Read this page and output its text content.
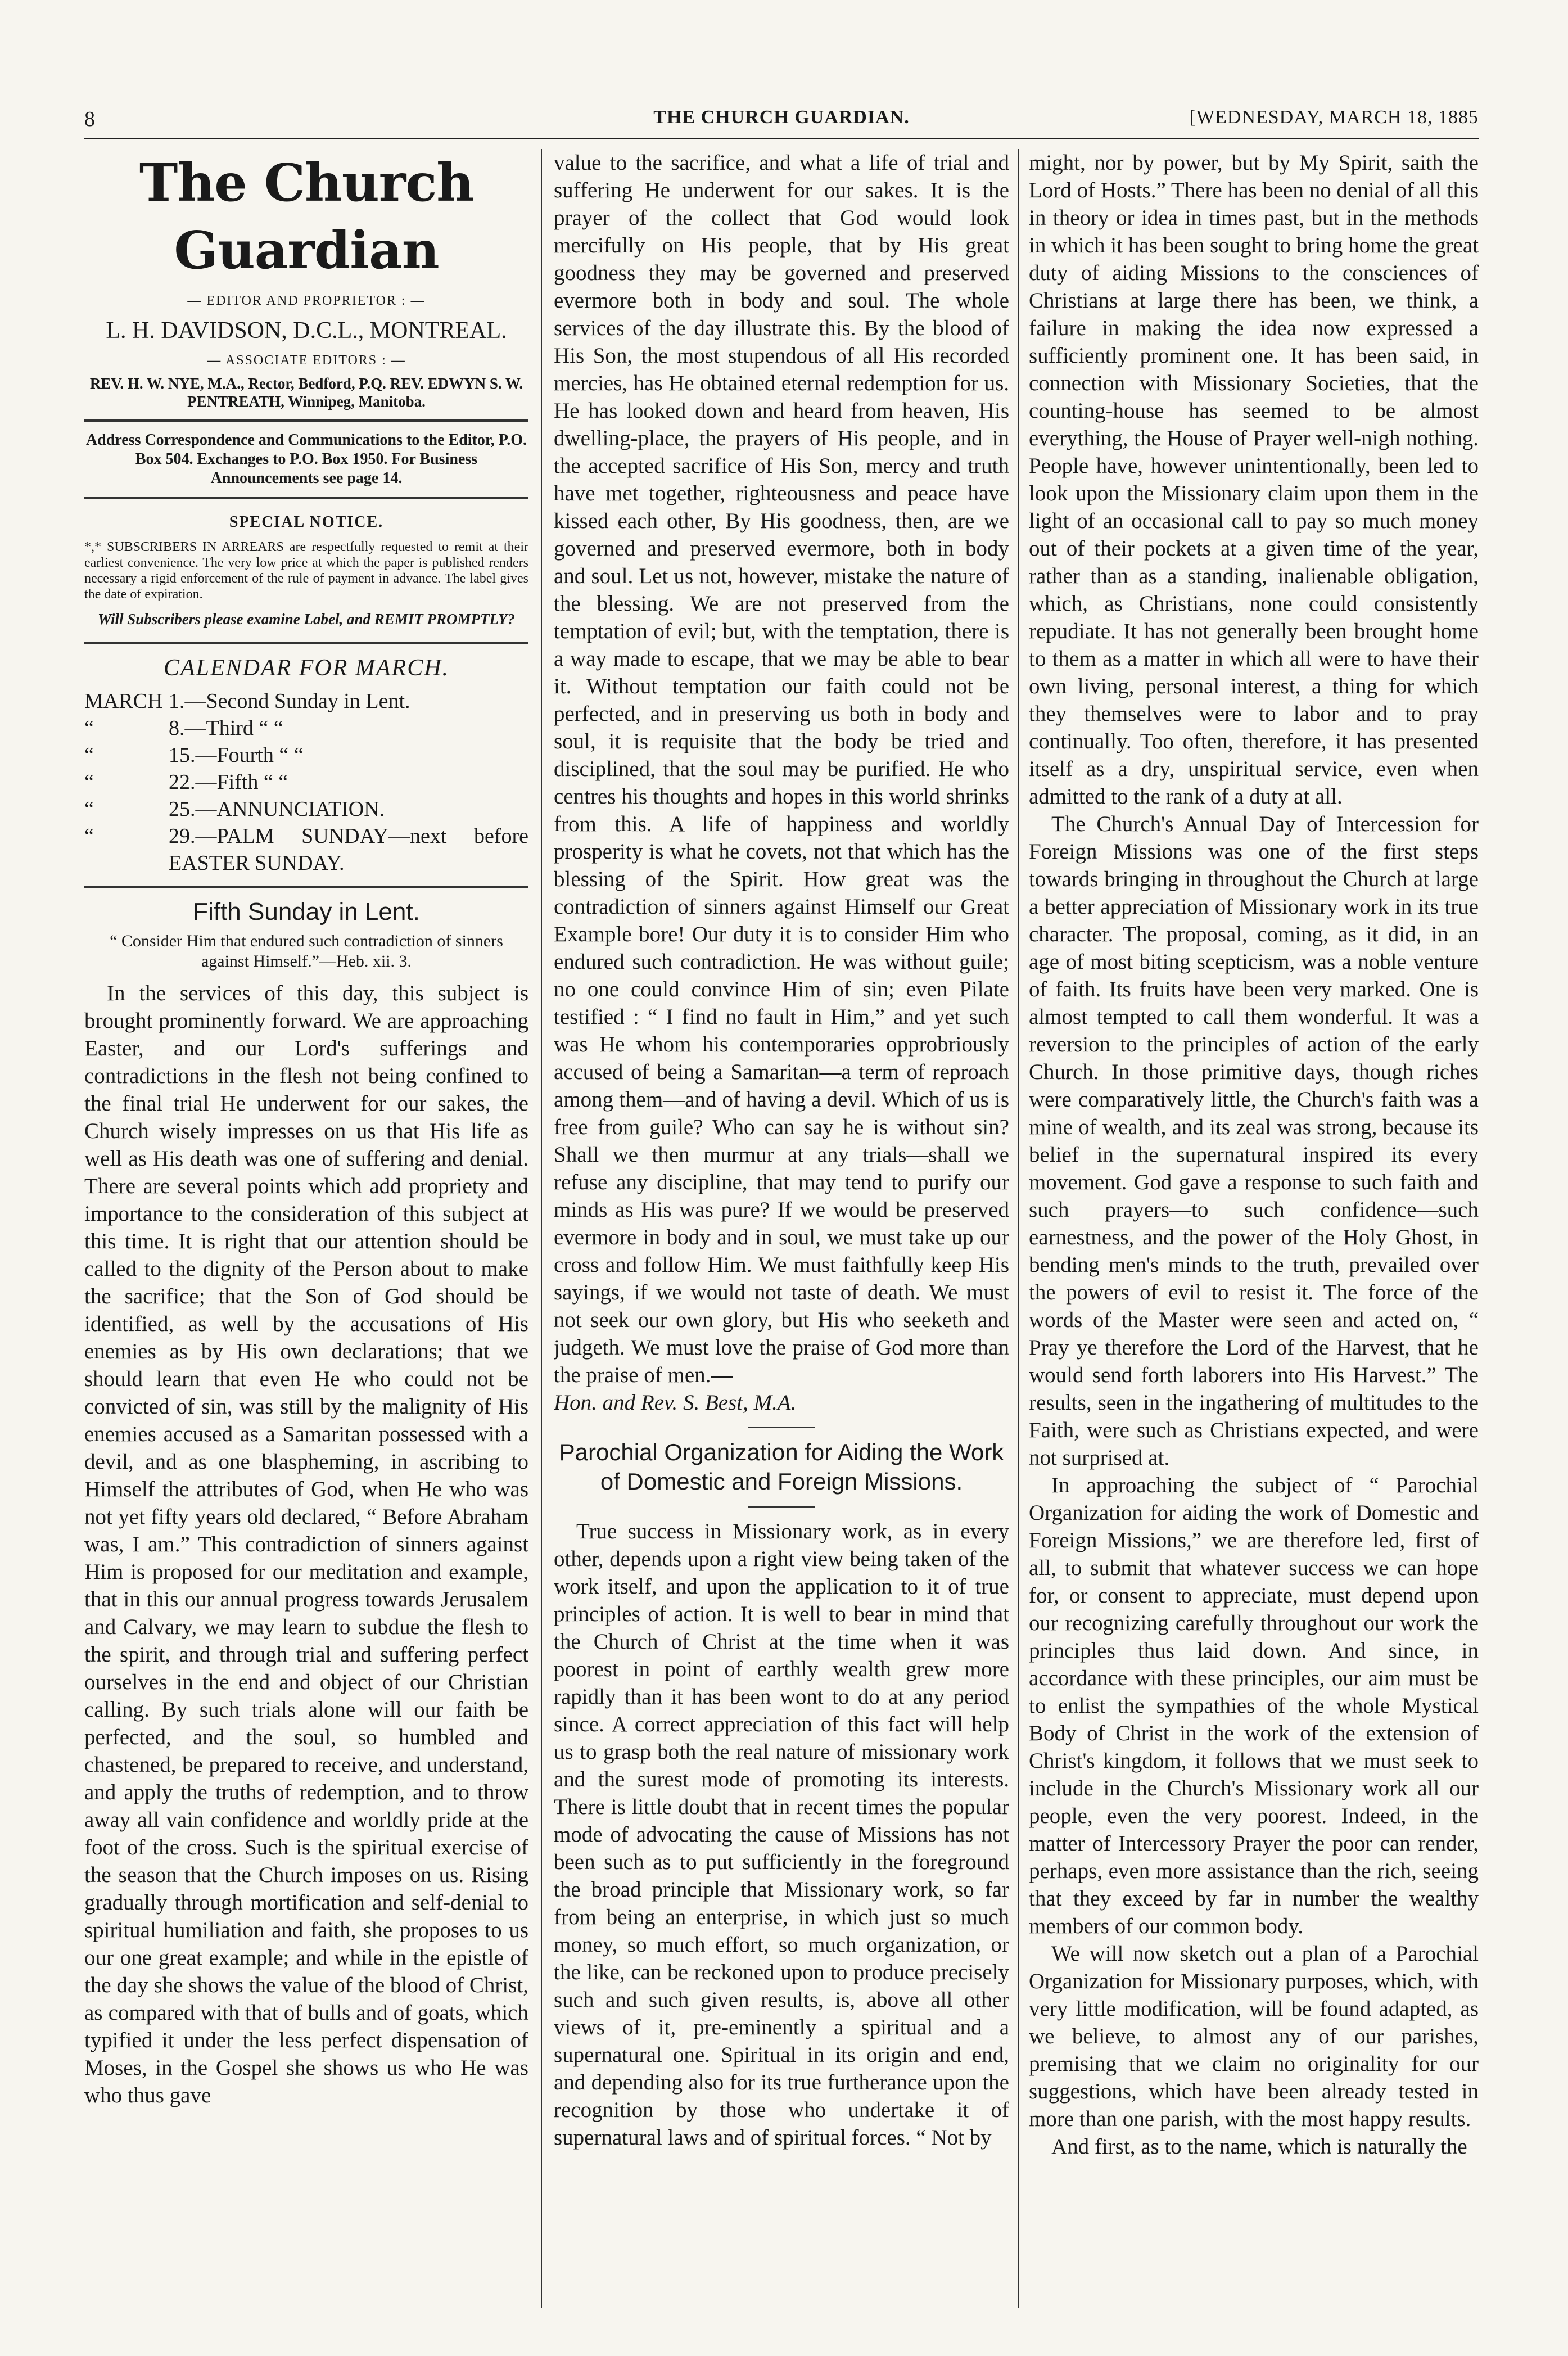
8	THE CHURCH GUARDIAN.	[WEDNESDAY, MARCH 18, 1885
The Church Guardian
— EDITOR AND PROPRIETOR : —
L. H. DAVIDSON, D.C.L., MONTREAL.
— ASSOCIATE EDITORS : —
REV. H. W. NYE, M.A., Rector, Bedford, P.Q. REV. EDWYN S. W. PENTREATH, Winnipeg, Manitoba.
Address Correspondence and Communications to the Editor, P.O. Box 504. Exchanges to P.O. Box 1950. For Business Announcements see page 14.
SPECIAL NOTICE.
*,* SUBSCRIBERS IN ARREARS are respectfully requested to remit at their earliest convenience. The very low price at which the paper is published renders necessary a rigid enforcement of the rule of payment in advance. The label gives the date of expiration.
Will Subscribers please examine Label, and REMIT PROMPTLY?
CALENDAR FOR MARCH.
MARCH 1.—Second Sunday in Lent.
“	8.—Third “ “
“	15.—Fourth “ “
“	22.—Fifth “ “
“	25.—ANNUNCIATION.
“	29.—PALM SUNDAY—next before EASTER SUNDAY.
Fifth Sunday in Lent.
“ Consider Him that endured such contradiction of sinners against Himself.”—Heb. xii. 3.

In the services of this day, this subject is brought prominently forward. We are approaching Easter, and our Lord's sufferings and contradictions in the flesh not being confined to the final trial He underwent for our sakes, the Church wisely impresses on us that His life as well as His death was one of suffering and denial. There are several points which add propriety and importance to the consideration of this subject at this time. It is right that our attention should be called to the dignity of the Person about to make the sacrifice; that the Son of God should be identified, as well by the accusations of His enemies as by His own declarations; that we should learn that even He who could not be convicted of sin, was still by the malignity of His enemies accused as a Samaritan possessed with a devil, and as one blaspheming, in ascribing to Himself the attributes of God, when He who was not yet fifty years old declared, “ Before Abraham was, I am.” This contradiction of sinners against Him is proposed for our meditation and example, that in this our annual progress towards Jerusalem and Calvary, we may learn to subdue the flesh to the spirit, and through trial and suffering perfect ourselves in the end and object of our Christian calling. By such trials alone will our faith be perfected, and the soul, so humbled and chastened, be prepared to receive, and understand, and apply the truths of redemption, and to throw away all vain confidence and worldly pride at the foot of the cross. Such is the spiritual exercise of the season that the Church imposes on us. Rising gradually through mortification and self-denial to spiritual humiliation and faith, she proposes to us our one great example; and while in the epistle of the day she shows the value of the blood of Christ, as compared with that of bulls and of goats, which typified it under the less perfect dispensation of Moses, in the Gospel she shows us who He was who thus gave

value to the sacrifice, and what a life of trial and suffering He underwent for our sakes. It is the prayer of the collect that God would look mercifully on His people, that by His great goodness they may be governed and preserved evermore both in body and soul. The whole services of the day illustrate this. By the blood of His Son, the most stupendous of all His recorded mercies, has He obtained eternal redemption for us. He has looked down and heard from heaven, His dwelling-place, the prayers of His people, and in the accepted sacrifice of His Son, mercy and truth have met together, righteousness and peace have kissed each other, By His goodness, then, are we governed and preserved evermore, both in body and soul. Let us not, however, mistake the nature of the blessing. We are not preserved from the temptation of evil; but, with the temptation, there is a way made to escape, that we may be able to bear it. Without temptation our faith could not be perfected, and in preserving us both in body and soul, it is requisite that the body be tried and disciplined, that the soul may be purified. He who centres his thoughts and hopes in this world shrinks from this. A life of happiness and worldly prosperity is what he covets, not that which has the blessing of the Spirit. How great was the contradiction of sinners against Himself our Great Example bore! Our duty it is to consider Him who endured such contradiction. He was without guile; no one could convince Him of sin; even Pilate testified : “ I find no fault in Him,” and yet such was He whom his contemporaries opprobriously accused of being a Samaritan—a term of reproach among them—and of having a devil. Which of us is free from guile? Who can say he is without sin? Shall we then murmur at any trials—shall we refuse any discipline, that may tend to purify our minds as His was pure? If we would be preserved evermore in body and in soul, we must take up our cross and follow Him. We must faithfully keep His sayings, if we would not taste of death. We must not seek our own glory, but His who seeketh and judgeth. We must love the praise of God more than the praise of men.—

Hon. and Rev. S. Best, M.A.

Parochial Organization for Aiding the Work of Domestic and Foreign Missions.

True success in Missionary work, as in every other, depends upon a right view being taken of the work itself, and upon the application to it of true principles of action. It is well to bear in mind that the Church of Christ at the time when it was poorest in point of earthly wealth grew more rapidly than it has been wont to do at any period since. A correct appreciation of this fact will help us to grasp both the real nature of missionary work and the surest mode of promoting its interests. There is little doubt that in recent times the popular mode of advocating the cause of Missions has not been such as to put sufficiently in the foreground the broad principle that Missionary work, so far from being an enterprise, in which just so much money, so much effort, so much organization, or the like, can be reckoned upon to produce precisely such and such given results, is, above all other views of it, pre-eminently a spiritual and a supernatural one. Spiritual in its origin and end, and depending also for its true furtherance upon the recognition by those who undertake it of supernatural laws and of spiritual forces. “ Not by

might, nor by power, but by My Spirit, saith the Lord of Hosts.” There has been no denial of all this in theory or idea in times past, but in the methods in which it has been sought to bring home the great duty of aiding Missions to the consciences of Christians at large there has been, we think, a failure in making the idea now expressed a sufficiently prominent one. It has been said, in connection with Missionary Societies, that the counting-house has seemed to be almost everything, the House of Prayer well-nigh nothing. People have, however unintentionally, been led to look upon the Missionary claim upon them in the light of an occasional call to pay so much money out of their pockets at a given time of the year, rather than as a standing, inalienable obligation, which, as Christians, none could consistently repudiate. It has not generally been brought home to them as a matter in which all were to have their own living, personal interest, a thing for which they themselves were to labor and to pray continually. Too often, therefore, it has presented itself as a dry, unspiritual service, even when admitted to the rank of a duty at all.

The Church's Annual Day of Intercession for Foreign Missions was one of the first steps towards bringing in throughout the Church at large a better appreciation of Missionary work in its true character. The proposal, coming, as it did, in an age of most biting scepticism, was a noble venture of faith. Its fruits have been very marked. One is almost tempted to call them wonderful. It was a reversion to the principles of action of the early Church. In those primitive days, though riches were comparatively little, the Church's faith was a mine of wealth, and its zeal was strong, because its belief in the supernatural inspired its every movement. God gave a response to such faith and such prayers—to such confidence—such earnestness, and the power of the Holy Ghost, in bending men's minds to the truth, prevailed over the powers of evil to resist it. The force of the words of the Master were seen and acted on, “ Pray ye therefore the Lord of the Harvest, that he would send forth laborers into His Harvest.” The results, seen in the ingathering of multitudes to the Faith, were such as Christians expected, and were not surprised at.

In approaching the subject of “ Parochial Organization for aiding the work of Domestic and Foreign Missions,” we are therefore led, first of all, to submit that whatever success we can hope for, or consent to appreciate, must depend upon our recognizing carefully throughout our work the principles thus laid down. And since, in accordance with these principles, our aim must be to enlist the sympathies of the whole Mystical Body of Christ in the work of the extension of Christ's kingdom, it follows that we must seek to include in the Church's Missionary work all our people, even the very poorest. Indeed, in the matter of Intercessory Prayer the poor can render, perhaps, even more assistance than the rich, seeing that they exceed by far in number the wealthy members of our common body.

We will now sketch out a plan of a Parochial Organization for Missionary purposes, which, with very little modification, will be found adapted, as we believe, to almost any of our parishes, premising that we claim no originality for our suggestions, which have been already tested in more than one parish, with the most happy results.

And first, as to the name, which is naturally the
